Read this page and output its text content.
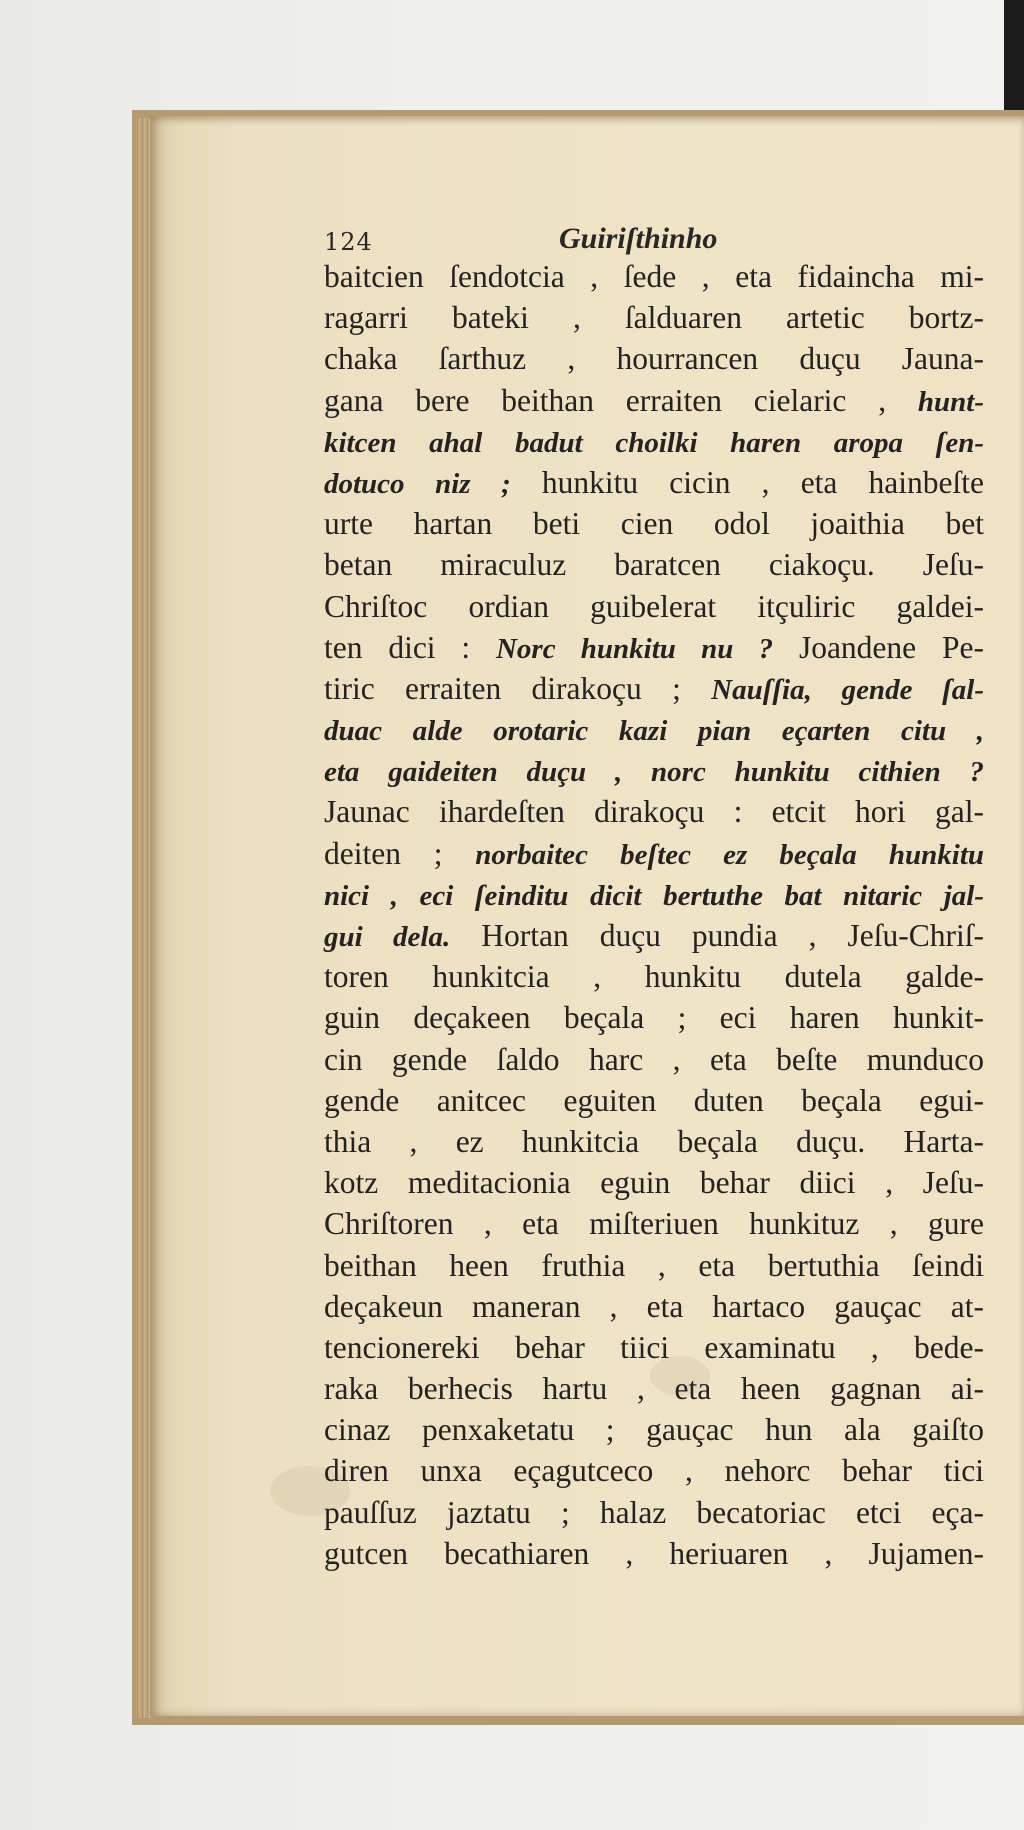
124	Guiriſthinho
baitcien ſendotcia , ſede , eta fidaincha mi-
ragarri bateki , ſalduaren artetic bortz-
chaka ſarthuz , hourrancen duçu Jauna-
gana bere beithan erraiten cielaric , hunt-
kitcen ahal badut choilki haren aropa ſen-
dotuco niz ; hunkitu cicin , eta hainbeſte
urte hartan beti cien odol joaithia bet
betan miraculuz baratcen ciakoçu. Jeſu-
Chriſtoc ordian guibelerat itçuliric galdei-
ten dici : Norc hunkitu nu ? Joandene Pe-
tiric erraiten dirakoçu ; Nauſſia, gende ſal-
duac alde orotaric kazi pian eçarten citu ,
eta gaideiten duçu , norc hunkitu cithien ?
Jaunac ihardeſten dirakoçu : etcit hori gal-
deiten ; norbaitec beſtec ez beçala hunkitu
nici , eci ſeinditu dicit bertuthe bat nitaric jal-
gui dela. Hortan duçu pundia , Jeſu-Chriſ-
toren hunkitcia , hunkitu dutela galde-
guin deçakeen beçala ; eci haren hunkit-
cin gende ſaldo harc , eta beſte munduco
gende anitcec eguiten duten beçala egui-
thia , ez hunkitcia beçala duçu. Harta-
kotz meditacionia eguin behar diici , Jeſu-
Chriſtoren , eta miſteriuen hunkituz , gure
beithan heen fruthia , eta bertuthia ſeindi
deçakeun maneran , eta hartaco gauçac at-
tencionereki behar tiici examinatu , bede-
raka berhecis hartu , eta heen gagnan ai-
cinaz penxaketatu ; gauçac hun ala gaiſto
diren unxa eçagutceco , nehorc behar tici
pauſſuz jaztatu ; halaz becatoriac etci eça-
gutcen becathiaren , heriuaren , Jujamen-
